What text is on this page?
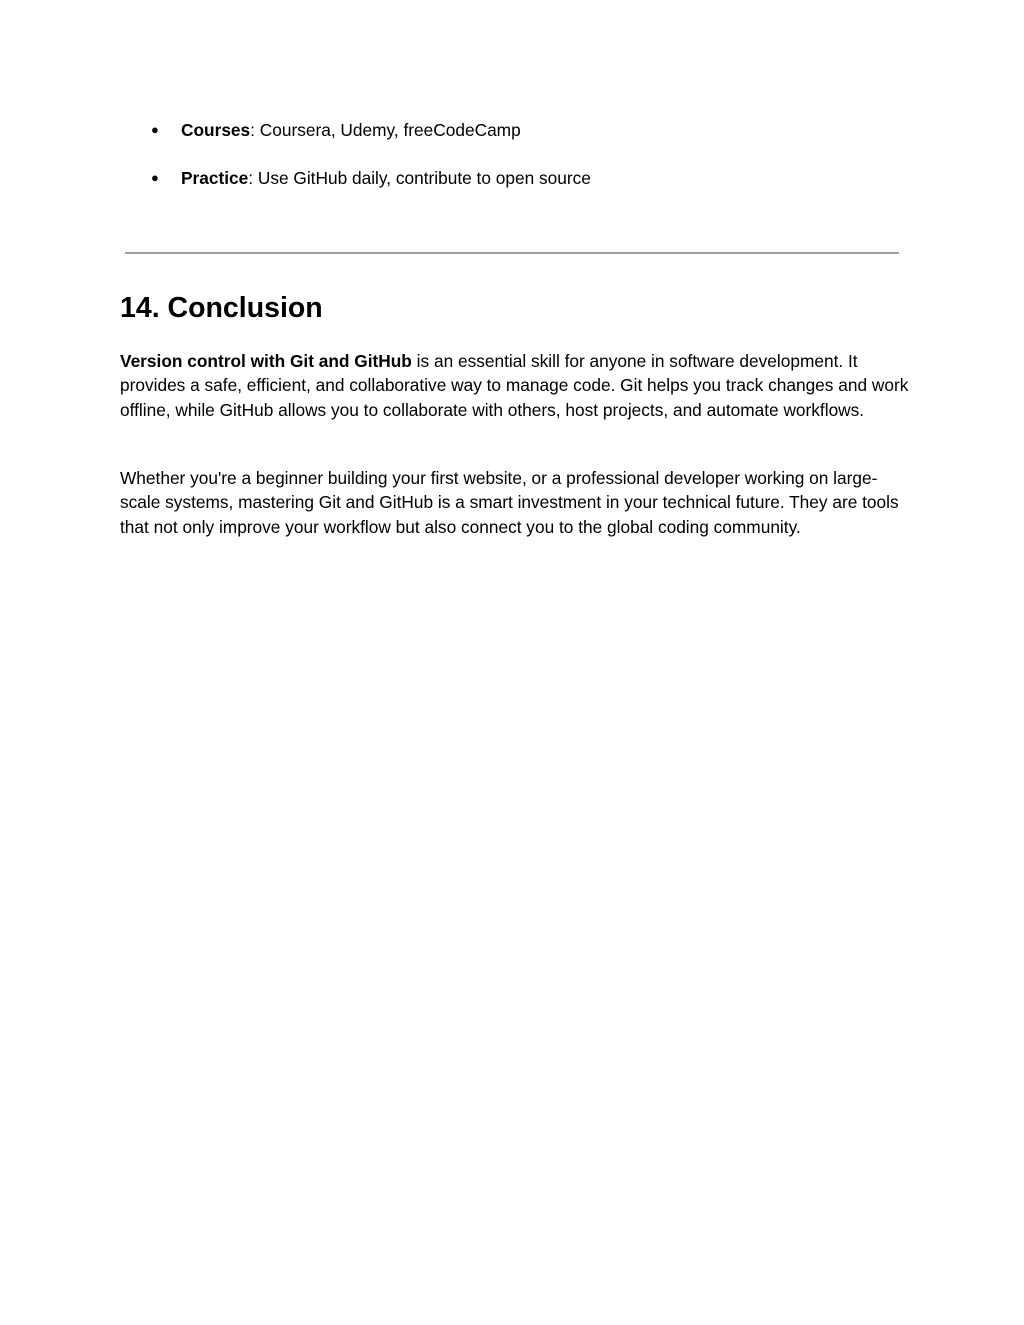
● Courses: Coursera, Udemy, freeCodeCamp
● Practice: Use GitHub daily, contribute to open source
14. Conclusion

Version control with Git and GitHub is an essential skill for anyone in software development. It provides a safe, efficient, and collaborative way to manage code. Git helps you track changes and work offline, while GitHub allows you to collaborate with others, host projects, and automate workflows.

Whether you're a beginner building your first website, or a professional developer working on large-scale systems, mastering Git and GitHub is a smart investment in your technical future. They are tools that not only improve your workflow but also connect you to the global coding community.
